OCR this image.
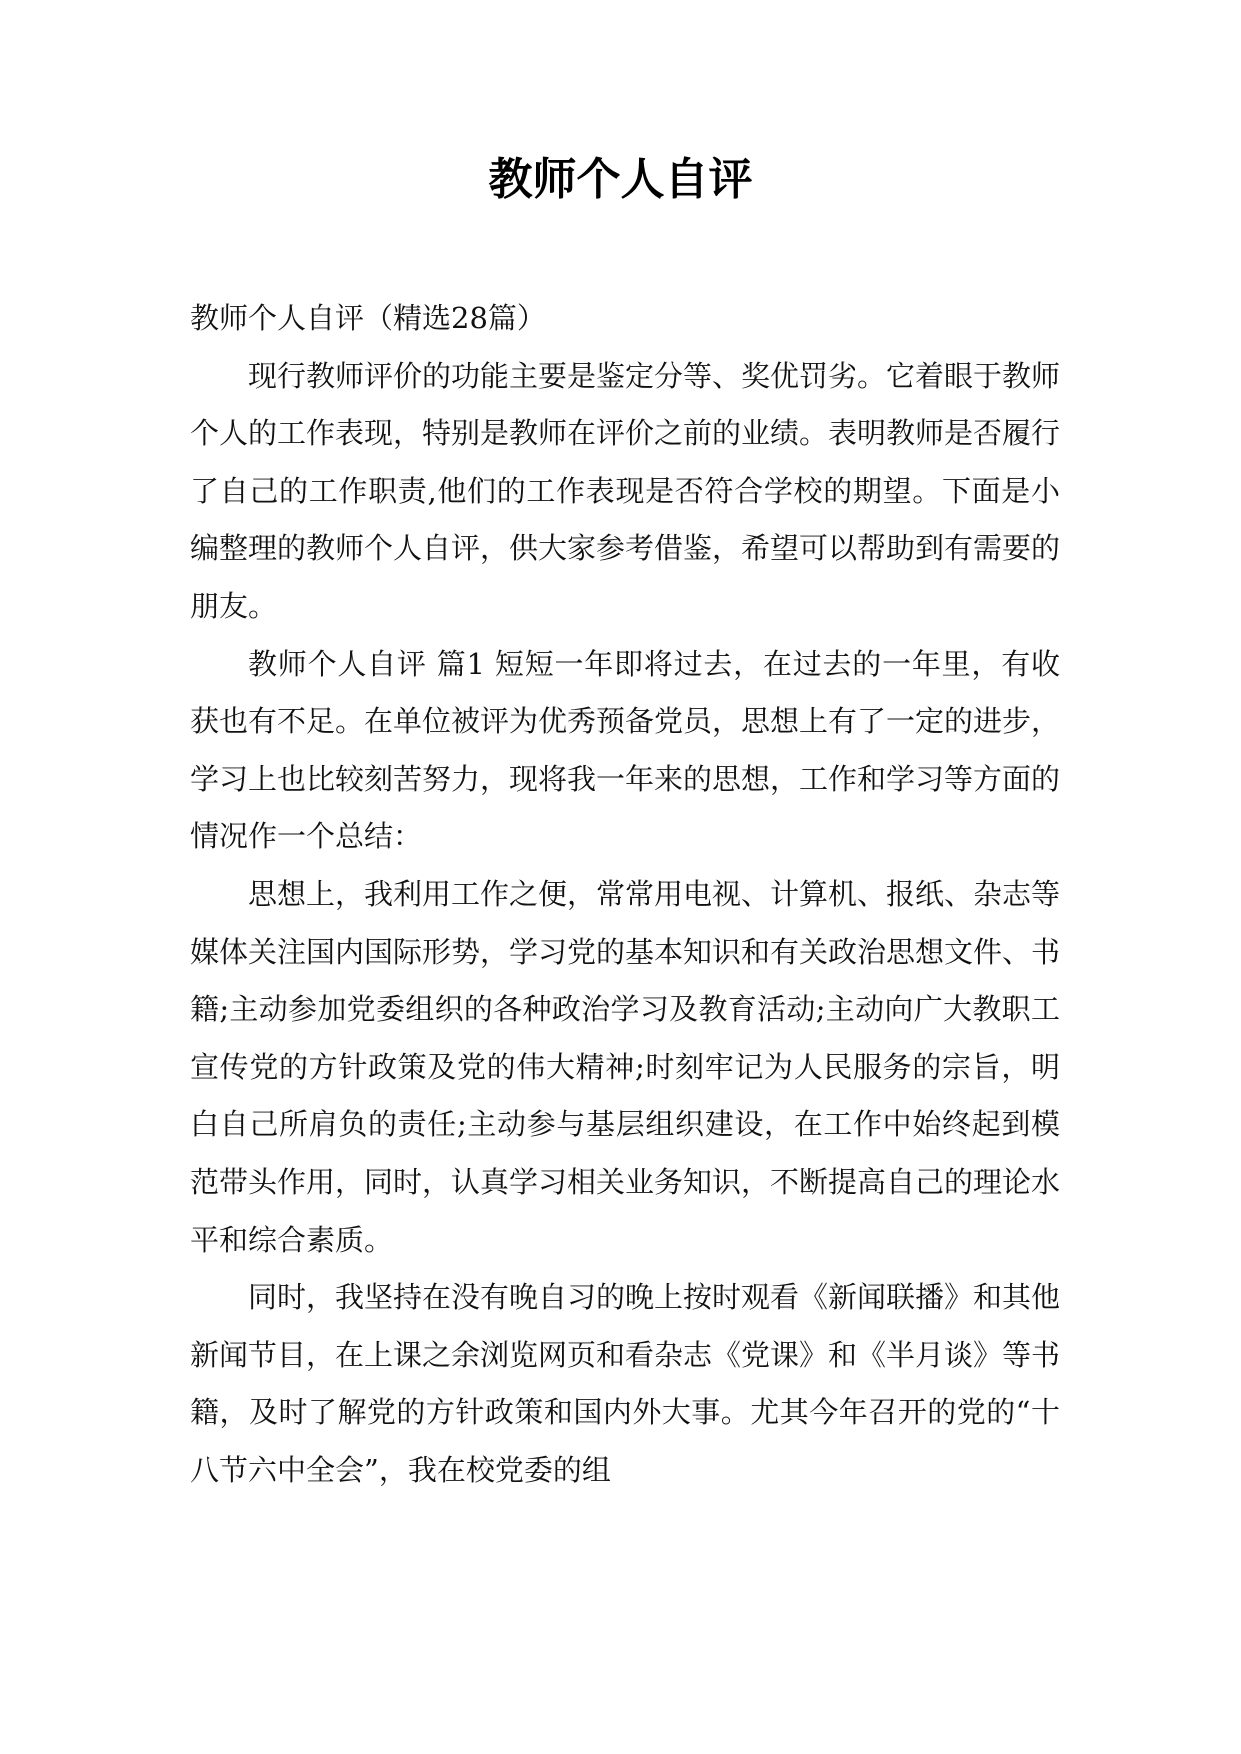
教师个人自评

教师个人自评（精选28篇）

现行教师评价的功能主要是鉴定分等、奖优罚劣。它着眼于教师个人的工作表现，特别是教师在评价之前的业绩。表明教师是否履行了自己的工作职责,他们的工作表现是否符合学校的期望。下面是小编整理的教师个人自评，供大家参考借鉴，希望可以帮助到有需要的朋友。

教师个人自评 篇1 短短一年即将过去，在过去的一年里，有收获也有不足。在单位被评为优秀预备党员，思想上有了一定的进步，学习上也比较刻苦努力，现将我一年来的思想，工作和学习等方面的情况作一个总结：

思想上，我利用工作之便，常常用电视、计算机、报纸、杂志等媒体关注国内国际形势，学习党的基本知识和有关政治思想文件、书籍;主动参加党委组织的各种政治学习及教育活动;主动向广大教职工宣传党的方针政策及党的伟大精神;时刻牢记为人民服务的宗旨，明白自己所肩负的责任;主动参与基层组织建设，在工作中始终起到模范带头作用，同时，认真学习相关业务知识，不断提高自己的理论水平和综合素质。

同时，我坚持在没有晚自习的晚上按时观看《新闻联播》和其他新闻节目，在上课之余浏览网页和看杂志《党课》和《半月谈》等书籍，及时了解党的方针政策和国内外大事。尤其今年召开的党的“十八节六中全会”，我在校党委的组
